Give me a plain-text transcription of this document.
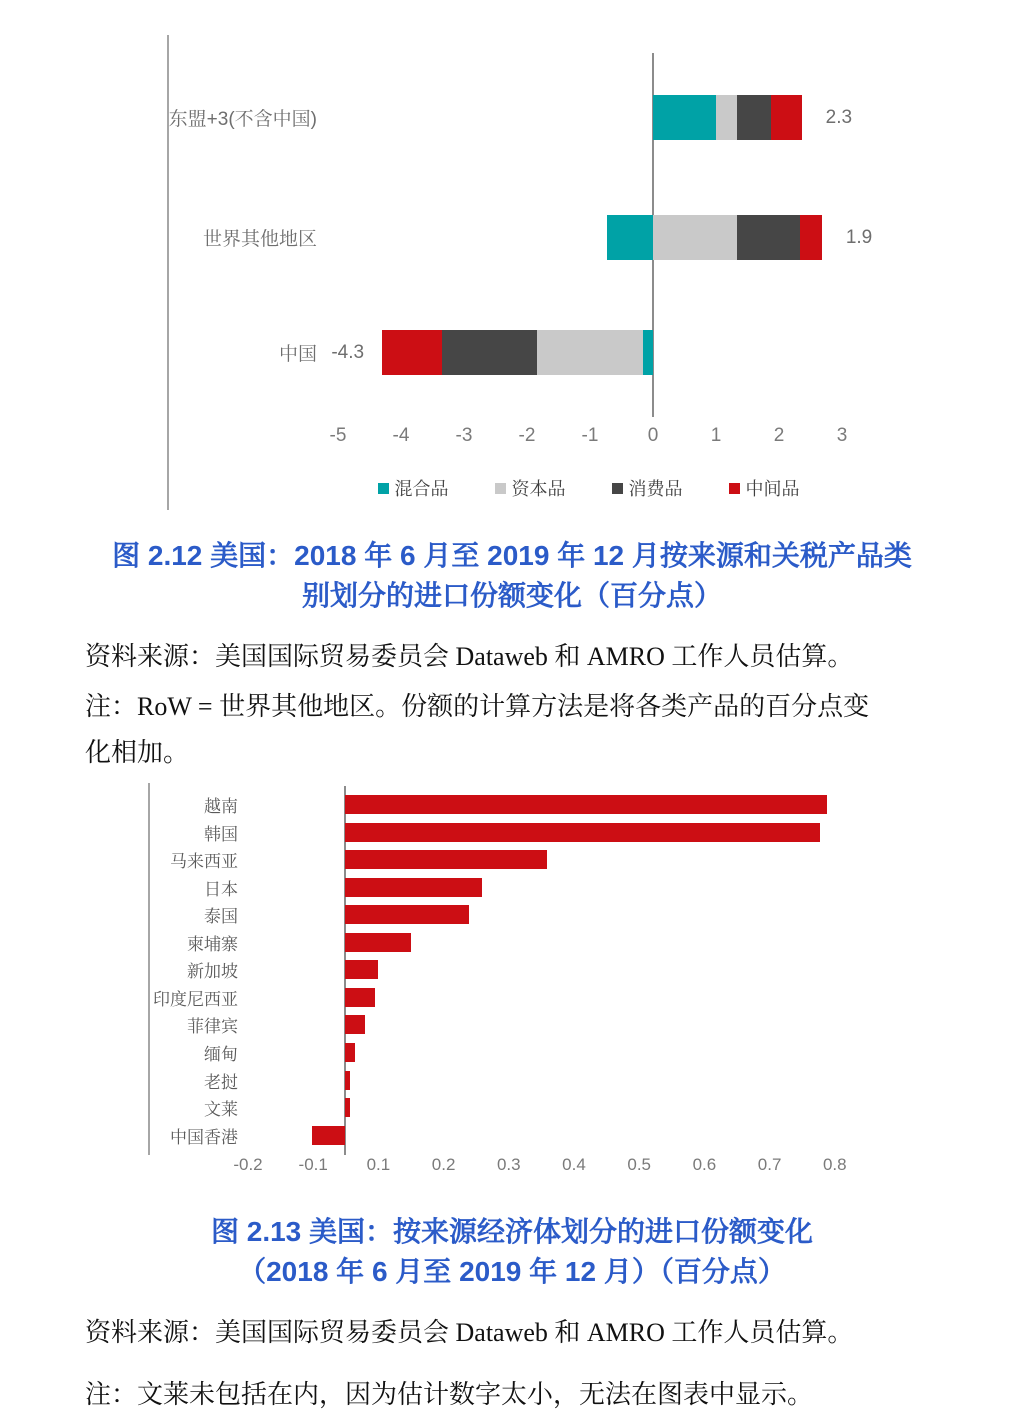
东盟+3(不含中国)	2.3
世界其他地区	1.9
中国 -4.3
-5	-4	-3	-2	-1	0	1	2	3
混合品	资本品	消费品	中间品
图 2.12 美国：2018 年 6 月至 2019 年 12 月按来源和关税产品类
别划分的进口份额变化（百分点）
资料来源：美国国际贸易委员会 Dataweb 和 AMRO 工作人员估算。
注：RoW = 世界其他地区。份额的计算方法是将各类产品的百分点变
化相加。
越南
韩国
马来西亚
日本
泰国
柬埔寨
新加坡
印度尼西亚
菲律宾
缅甸
老挝
文莱
中国香港
-0.2	-0.1	0.1	0.2	0.3	0.4	0.5	0.6	0.7	0.8
图 2.13 美国：按来源经济体划分的进口份额变化
（2018 年 6 月至 2019 年 12 月）（百分点）
资料来源：美国国际贸易委员会 Dataweb 和 AMRO 工作人员估算。
注：文莱未包括在内，因为估计数字太小，无法在图表中显示。
